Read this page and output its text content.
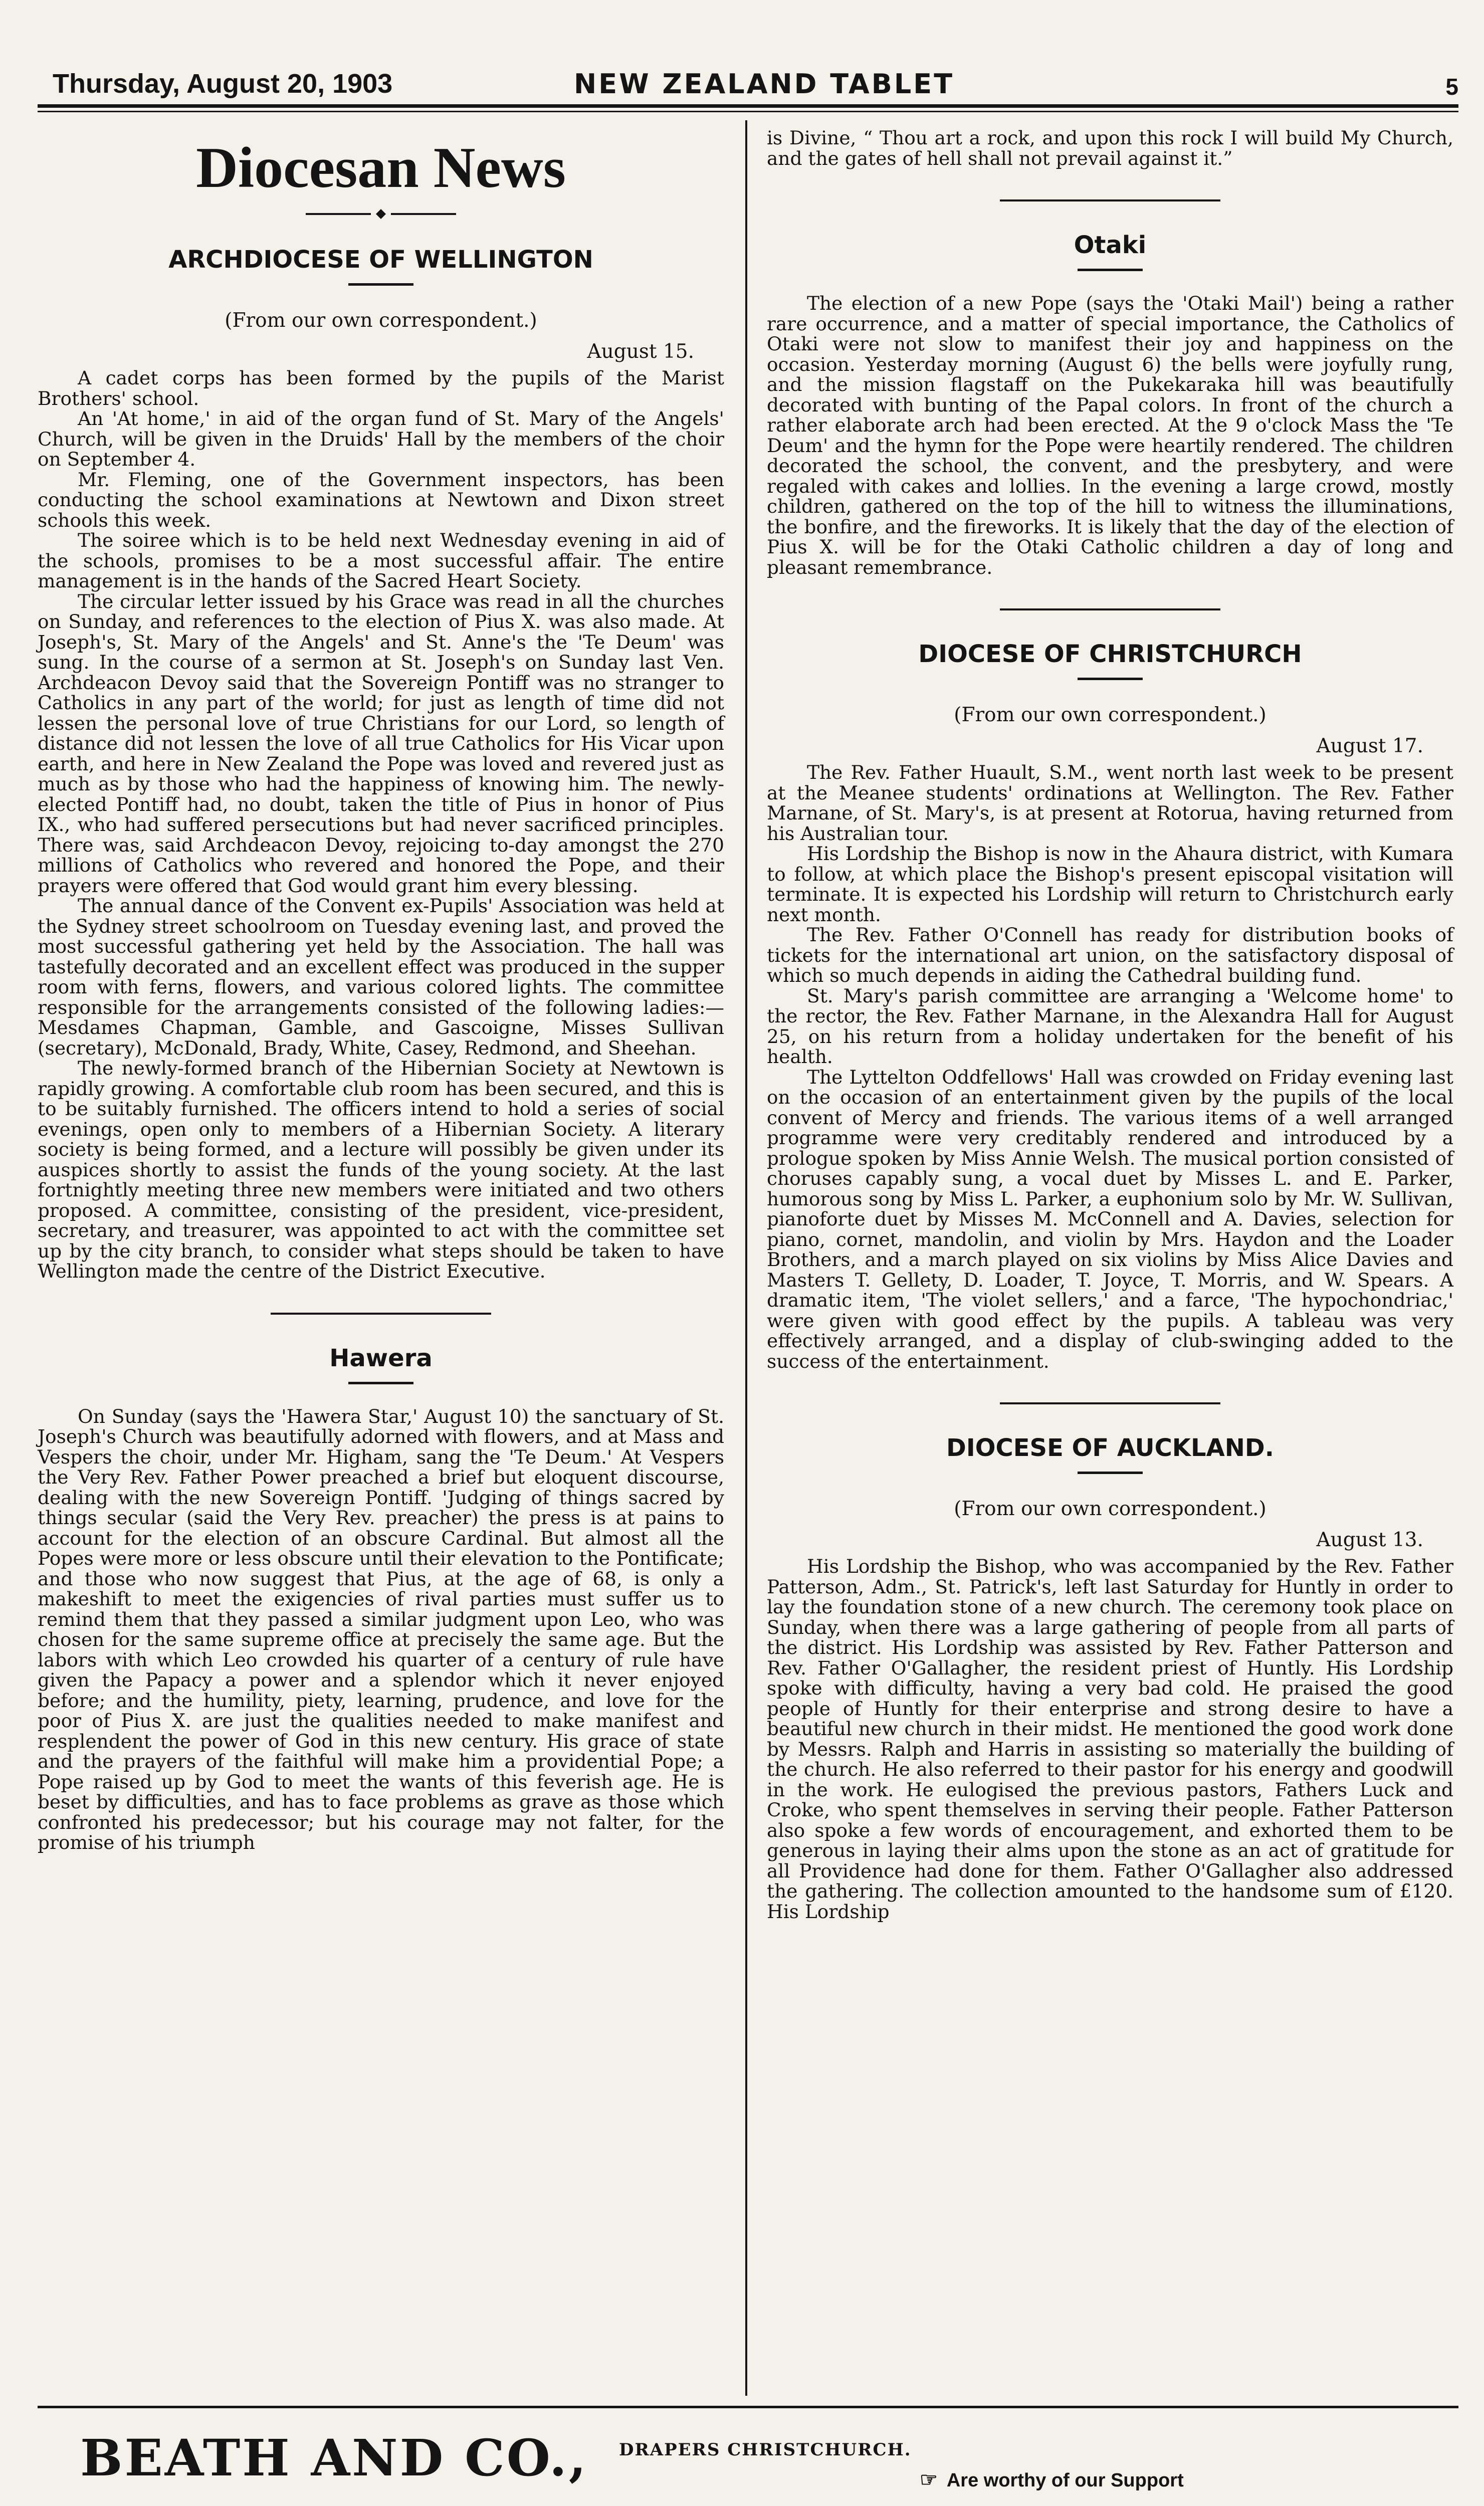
Thursday, August 20, 1903	NEW ZEALAND TABLET	5
Diocesan News
ARCHDIOCESE OF WELLINGTON
(From our own correspondent.)
August 15.

A cadet corps has been formed by the pupils of the Marist Brothers' school.

An 'At home,' in aid of the organ fund of St. Mary of the Angels' Church, will be given in the Druids' Hall by the members of the choir on September 4.

Mr. Fleming, one of the Government inspectors, has been conducting the school examinations at Newtown and Dixon street schools this week.

The soiree which is to be held next Wednesday evening in aid of the schools, promises to be a most successful affair. The entire management is in the hands of the Sacred Heart Society.

The circular letter issued by his Grace was read in all the churches on Sunday, and references to the election of Pius X. was also made. At Joseph's, St. Mary of the Angels' and St. Anne's the 'Te Deum' was sung. In the course of a sermon at St. Joseph's on Sunday last Ven. Archdeacon Devoy said that the Sovereign Pontiff was no stranger to Catholics in any part of the world; for just as length of time did not lessen the personal love of true Christians for our Lord, so length of distance did not lessen the love of all true Catholics for His Vicar upon earth, and here in New Zealand the Pope was loved and revered just as much as by those who had the happiness of knowing him. The newly-elected Pontiff had, no doubt, taken the title of Pius in honor of Pius IX., who had suffered persecutions but had never sacrificed principles. There was, said Archdeacon Devoy, rejoicing to-day amongst the 270 millions of Catholics who revered and honored the Pope, and their prayers were offered that God would grant him every blessing.

The annual dance of the Convent ex-Pupils' Association was held at the Sydney street schoolroom on Tuesday evening last, and proved the most successful gathering yet held by the Association. The hall was tastefully decorated and an excellent effect was produced in the supper room with ferns, flowers, and various colored lights. The committee responsible for the arrangements consisted of the following ladies:—Mesdames Chapman, Gamble, and Gascoigne, Misses Sullivan (secretary), McDonald, Brady, White, Casey, Redmond, and Sheehan.

The newly-formed branch of the Hibernian Society at Newtown is rapidly growing. A comfortable club room has been secured, and this is to be suitably furnished. The officers intend to hold a series of social evenings, open only to members of a Hibernian Society. A literary society is being formed, and a lecture will possibly be given under its auspices shortly to assist the funds of the young society. At the last fortnightly meeting three new members were initiated and two others proposed. A committee, consisting of the president, vice-president, secretary, and treasurer, was appointed to act with the committee set up by the city branch, to consider what steps should be taken to have Wellington made the centre of the District Executive.

Hawera

On Sunday (says the 'Hawera Star,' August 10) the sanctuary of St. Joseph's Church was beautifully adorned with flowers, and at Mass and Vespers the choir, under Mr. Higham, sang the 'Te Deum.' At Vespers the Very Rev. Father Power preached a brief but eloquent discourse, dealing with the new Sovereign Pontiff. 'Judging of things sacred by things secular (said the Very Rev. preacher) the press is at pains to account for the election of an obscure Cardinal. But almost all the Popes were more or less obscure until their elevation to the Pontificate; and those who now suggest that Pius, at the age of 68, is only a makeshift to meet the exigencies of rival parties must suffer us to remind them that they passed a similar judgment upon Leo, who was chosen for the same supreme office at precisely the same age. But the labors with which Leo crowded his quarter of a century of rule have given the Papacy a power and a splendor which it never enjoyed before; and the humility, piety, learning, prudence, and love for the poor of Pius X. are just the qualities needed to make manifest and resplendent the power of God in this new century. His grace of state and the prayers of the faithful will make him a providential Pope; a Pope raised up by God to meet the wants of this feverish age. He is beset by difficulties, and has to face problems as grave as those which confronted his predecessor; but his courage may not falter, for the promise of his triumph

is Divine, “ Thou art a rock, and upon this rock I will build My Church, and the gates of hell shall not prevail against it.”

Otaki

The election of a new Pope (says the 'Otaki Mail') being a rather rare occurrence, and a matter of special importance, the Catholics of Otaki were not slow to manifest their joy and happiness on the occasion. Yesterday morning (August 6) the bells were joyfully rung, and the mission flagstaff on the Pukekaraka hill was beautifully decorated with bunting of the Papal colors. In front of the church a rather elaborate arch had been erected. At the 9 o'clock Mass the 'Te Deum' and the hymn for the Pope were heartily rendered. The children decorated the school, the convent, and the presbytery, and were regaled with cakes and lollies. In the evening a large crowd, mostly children, gathered on the top of the hill to witness the illuminations, the bonfire, and the fireworks. It is likely that the day of the election of Pius X. will be for the Otaki Catholic children a day of long and pleasant remembrance.

DIOCESE OF CHRISTCHURCH
(From our own correspondent.)
August 17.

The Rev. Father Huault, S.M., went north last week to be present at the Meanee students' ordinations at Wellington. The Rev. Father Marnane, of St. Mary's, is at present at Rotorua, having returned from his Australian tour.

His Lordship the Bishop is now in the Ahaura district, with Kumara to follow, at which place the Bishop's present episcopal visitation will terminate. It is expected his Lordship will return to Christchurch early next month.

The Rev. Father O'Connell has ready for distribution books of tickets for the international art union, on the satisfactory disposal of which so much depends in aiding the Cathedral building fund.

St. Mary's parish committee are arranging a 'Welcome home' to the rector, the Rev. Father Marnane, in the Alexandra Hall for August 25, on his return from a holiday undertaken for the benefit of his health.

The Lyttelton Oddfellows' Hall was crowded on Friday evening last on the occasion of an entertainment given by the pupils of the local convent of Mercy and friends. The various items of a well arranged programme were very creditably rendered and introduced by a prologue spoken by Miss Annie Welsh. The musical portion consisted of choruses capably sung, a vocal duet by Misses L. and E. Parker, humorous song by Miss L. Parker, a euphonium solo by Mr. W. Sullivan, pianoforte duet by Misses M. McConnell and A. Davies, selection for piano, cornet, mandolin, and violin by Mrs. Haydon and the Loader Brothers, and a march played on six violins by Miss Alice Davies and Masters T. Gellety, D. Loader, T. Joyce, T. Morris, and W. Spears. A dramatic item, 'The violet sellers,' and a farce, 'The hypochondriac,' were given with good effect by the pupils. A tableau was very effectively arranged, and a display of club-swinging added to the success of the entertainment.

DIOCESE OF AUCKLAND.
(From our own correspondent.)
August 13.

His Lordship the Bishop, who was accompanied by the Rev. Father Patterson, Adm., St. Patrick's, left last Saturday for Huntly in order to lay the foundation stone of a new church. The ceremony took place on Sunday, when there was a large gathering of people from all parts of the district. His Lordship was assisted by Rev. Father Patterson and Rev. Father O'Gallagher, the resident priest of Huntly. His Lordship spoke with difficulty, having a very bad cold. He praised the good people of Huntly for their enterprise and strong desire to have a beautiful new church in their midst. He mentioned the good work done by Messrs. Ralph and Harris in assisting so materially the building of the church. He also referred to their pastor for his energy and goodwill in the work. He eulogised the previous pastors, Fathers Luck and Croke, who spent themselves in serving their people. Father Patterson also spoke a few words of encouragement, and exhorted them to be generous in laying their alms upon the stone as an act of gratitude for all Providence had done for them. Father O'Gallagher also addressed the gathering. The collection amounted to the handsome sum of £120. His Lordship

BEATH AND CO., DRAPERS CHRISTCHURCH.
☞ Are worthy of our Support
